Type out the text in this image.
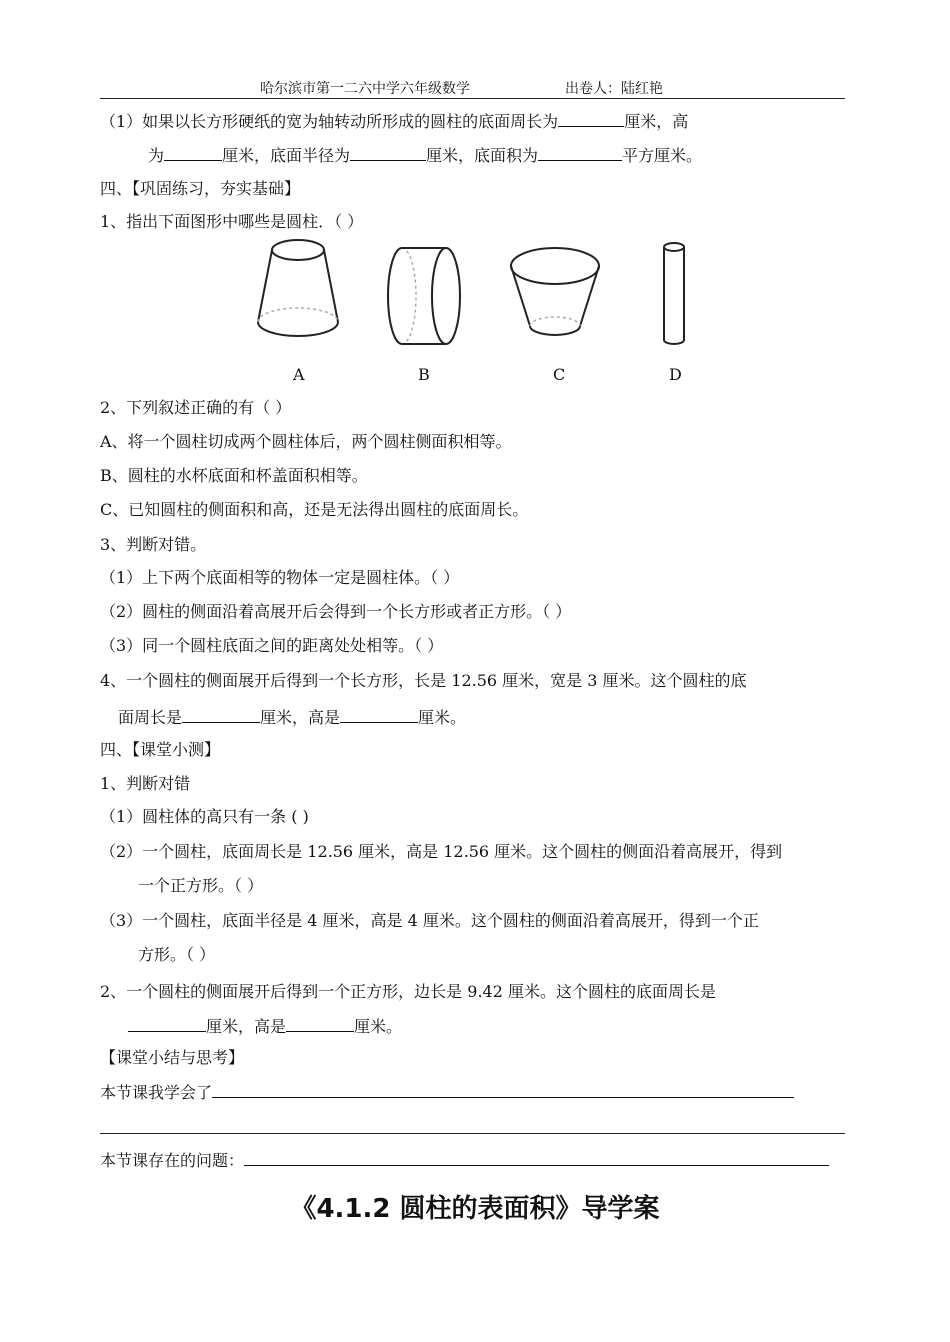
哈尔滨市第一二六中学六年级数学	出卷人：陆红艳
（1）如果以长方形硬纸的宽为轴转动所形成的圆柱的底面周长为	厘米，高
为	厘米，底面半径为	厘米，底面积为	平方厘米。
四、【巩固练习，夯实基础】
1、指出下面图形中哪些是圆柱．（ ）
A	B	C	D
2、下列叙述正确的有（ ）
A、将一个圆柱切成两个圆柱体后，两个圆柱侧面积相等。
B、圆柱的水杯底面和杯盖面积相等。
C、已知圆柱的侧面积和高，还是无法得出圆柱的底面周长。
3、判断对错。
（1）上下两个底面相等的物体一定是圆柱体。（ ）
（2）圆柱的侧面沿着高展开后会得到一个长方形或者正方形。（ ）
（3）同一个圆柱底面之间的距离处处相等。（ ）
4、一个圆柱的侧面展开后得到一个长方形，长是 12.56 厘米，宽是 3 厘米。这个圆柱的底
面周长是	厘米，高是	厘米。
四、【课堂小测】
1、判断对错
（1）圆柱体的高只有一条 ( )
（2）一个圆柱，底面周长是 12.56 厘米，高是 12.56 厘米。这个圆柱的侧面沿着高展开，得到
一个正方形。（ ）
（3）一个圆柱，底面半径是 4 厘米，高是 4 厘米。这个圆柱的侧面沿着高展开，得到一个正
方形。（ ）
2、一个圆柱的侧面展开后得到一个正方形，边长是 9.42 厘米。这个圆柱的底面周长是
厘米，高是	厘米。
【课堂小结与思考】
本节课我学会了
本节课存在的问题：
《4.1.2 圆柱的表面积》导学案
